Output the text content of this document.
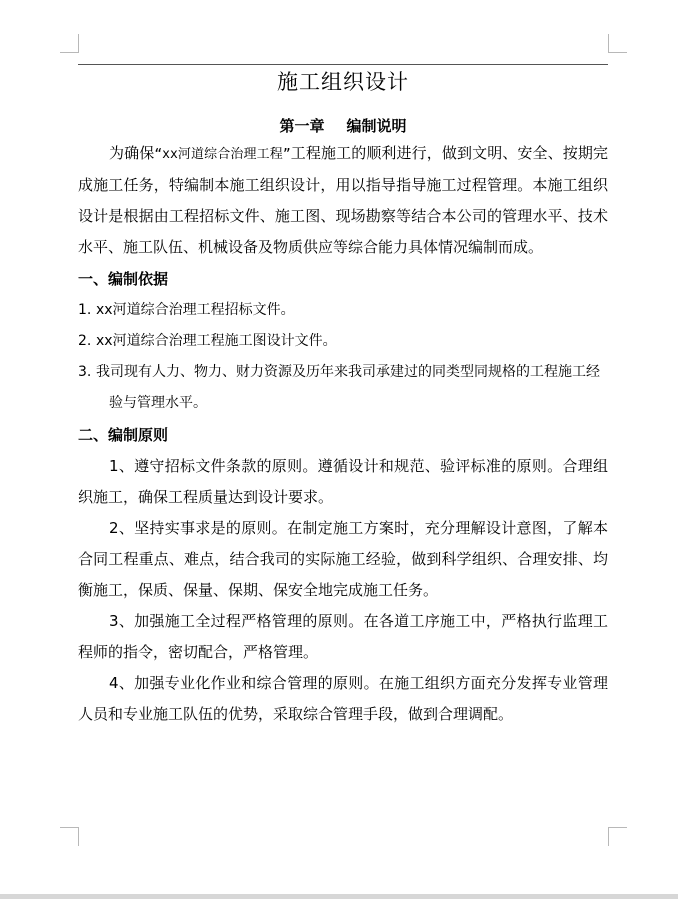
施工组织设计
第一章 编制说明

为确保“xx河道综合治理工程”工程施工的顺利进行，做到文明、安全、按期完成施工任务，特编制本施工组织设计，用以指导指导施工过程管理。本施工组织设计是根据由工程招标文件、施工图、现场勘察等结合本公司的管理水平、技术水平、施工队伍、机械设备及物质供应等综合能力具体情况编制而成。

一、编制依据

1. xx河道综合治理工程招标文件。

2. xx河道综合治理工程施工图设计文件。

3. 我司现有人力、物力、财力资源及历年来我司承建过的同类型同规格的工程施工经验与管理水平。

二、编制原则

1、遵守招标文件条款的原则。遵循设计和规范、验评标准的原则。合理组织施工，确保工程质量达到设计要求。

2、坚持实事求是的原则。在制定施工方案时，充分理解设计意图，了解本合同工程重点、难点，结合我司的实际施工经验，做到科学组织、合理安排、均衡施工，保质、保量、保期、保安全地完成施工任务。

3、加强施工全过程严格管理的原则。在各道工序施工中，严格执行监理工程师的指令，密切配合，严格管理。

4、加强专业化作业和综合管理的原则。在施工组织方面充分发挥专业管理人员和专业施工队伍的优势，采取综合管理手段，做到合理调配。
